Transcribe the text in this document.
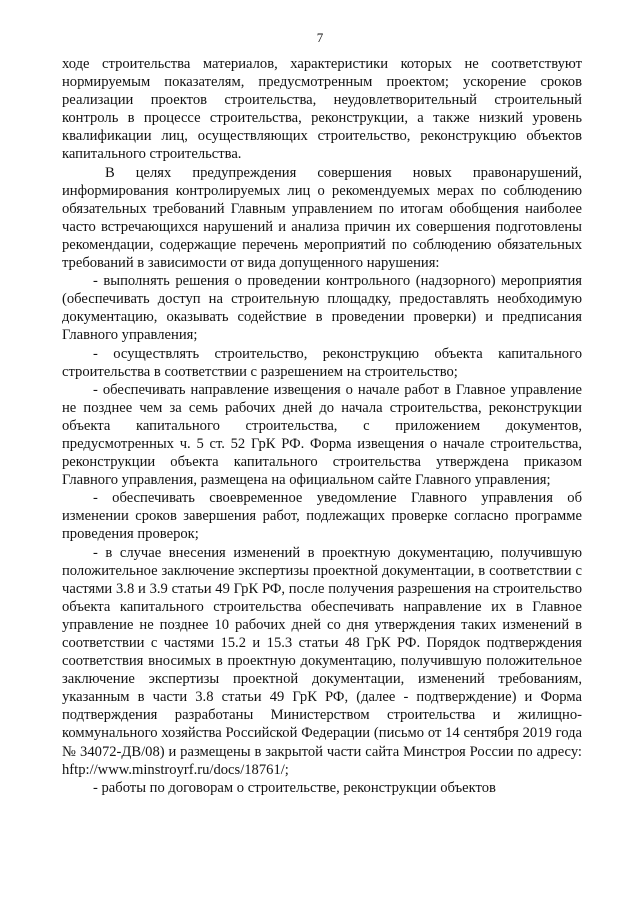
7

ходе строительства материалов, характеристики которых не соответствуют нормируемым показателям, предусмотренным проектом; ускорение сроков реализации проектов строительства, неудовлетворительный строительный контроль в процессе строительства, реконструкции, а также низкий уровень квалификации лиц, осуществляющих строительство, реконструкцию объектов капитального строительства.

В целях предупреждения совершения новых правонарушений, информирования контролируемых лиц о рекомендуемых мерах по соблюдению обязательных требований Главным управлением по итогам обобщения наиболее часто встречающихся нарушений и анализа причин их совершения подготовлены рекомендации, содержащие перечень мероприятий по соблюдению обязательных требований в зависимости от вида допущенного нарушения:

- выполнять решения о проведении контрольного (надзорного) мероприятия (обеспечивать доступ на строительную площадку, предоставлять необходимую документацию, оказывать содействие в проведении проверки) и предписания Главного управления;

- осуществлять строительство, реконструкцию объекта капитального строительства в соответствии с разрешением на строительство;

- обеспечивать направление извещения о начале работ в Главное управление не позднее чем за семь рабочих дней до начала строительства, реконструкции объекта капитального строительства, с приложением документов, предусмотренных ч. 5 ст. 52 ГрК РФ. Форма извещения о начале строительства, реконструкции объекта капитального строительства утверждена приказом Главного управления, размещена на официальном сайте Главного управления;

- обеспечивать своевременное уведомление Главного управления об изменении сроков завершения работ, подлежащих проверке согласно программе проведения проверок;

- в случае внесения изменений в проектную документацию, получившую положительное заключение экспертизы проектной документации, в соответствии с частями 3.8 и 3.9 статьи 49 ГрК РФ, после получения разрешения на строительство объекта капитального строительства обеспечивать направление их в Главное управление не позднее 10 рабочих дней со дня утверждения таких изменений в соответствии с частями 15.2 и 15.3 статьи 48 ГрК РФ. Порядок подтверждения соответствия вносимых в проектную документацию, получившую положительное заключение экспертизы проектной документации, изменений требованиям, указанным в части 3.8 статьи 49 ГрК РФ, (далее - подтверждение) и Форма подтверждения разработаны Министерством строительства и жилищно-коммунального хозяйства Российской Федерации (письмо от 14 сентября 2019 года № 34072-ДВ/08) и размещены в закрытой части сайта Минстроя России по адресу: hftp://www.minstroyrf.ru/docs/18761/;

- работы по договорам о строительстве, реконструкции объектов
